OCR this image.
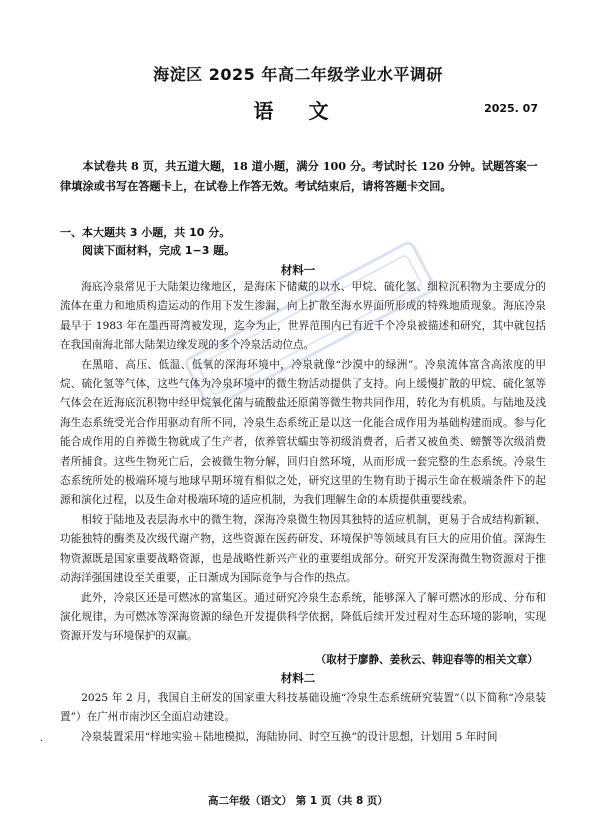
海淀区 2025 年高二年级学业水平调研
语 文	2025. 07
本试卷共 8 页，共五道大题，18 道小题，满分 100 分。考试时长 120 分钟。试题答案一律填涂或书写在答题卡上，在试卷上作答无效。考试结束后，请将答题卡交回。
一、本大题共 3 小题，共 10 分。
阅读下面材料，完成 1−3 题。
材料一

海底冷泉常见于大陆架边缘地区，是海床下储藏的以水、甲烷、硫化氢、细粒沉积物为主要成分的流体在重力和地质构造运动的作用下发生渗漏，向上扩散至海水界面所形成的特殊地质现象。海底冷泉最早于 1983 年在墨西哥湾被发现，迄今为止，世界范围内已有近千个冷泉被描述和研究，其中就包括在我国南海北部大陆架边缘发现的多个冷泉活动位点。

在黑暗、高压、低温、低氧的深海环境中，冷泉就像“沙漠中的绿洲”。冷泉流体富含高浓度的甲烷、硫化氢等气体，这些气体为冷泉环境中的微生物活动提供了支持。向上缓慢扩散的甲烷、硫化氢等气体会在近海底沉积物中经甲烷氧化菌与硫酸盐还原菌等微生物共同作用，转化为有机质。与陆地及浅海生态系统受光合作用驱动有所不同，冷泉生态系统正是以这一化能合成作用为基础构建而成。参与化能合成作用的自养微生物就成了生产者，依养管状蠕虫等初级消费者，后者又被鱼类、螃蟹等次级消费者所捕食。这些生物死亡后，会被微生物分解，回归自然环境，从而形成一套完整的生态系统。冷泉生态系统所处的极端环境与地球早期环境有相似之处，研究这里的生物有助于揭示生命在极端条件下的起源和演化过程，以及生命对极端环境的适应机制，为我们理解生命的本质提供重要线索。

相较于陆地及表层海水中的微生物，深海冷泉微生物因其独特的适应机制，更易于合成结构新颖、功能独特的酶类及次级代谢产物，这些资源在医药研发、环境保护等领域具有巨大的应用价值。深海生物资源既是国家重要战略资源，也是战略性新兴产业的重要组成部分。研究开发深海微生物资源对于推动海洋强国建设至关重要，正日渐成为国际竞争与合作的热点。

此外，冷泉区还是可燃冰的富集区。通过研究冷泉生态系统，能够深入了解可燃冰的形成、分布和演化规律，为可燃冰等深海资源的绿色开发提供科学依据，降低后续开发过程对生态环境的影响，实现资源开发与环境保护的双赢。

（取材于廖静、姜秋云、韩迎春等的相关文章）
材料二

2025 年 2 月，我国自主研发的国家重大科技基础设施“冷泉生态系统研究装置”（以下简称“冷泉装置”）在广州市南沙区全面启动建设。

冷泉装置采用“样地实验＋陆地模拟，海陆协同、时空互换”的设计思想，计划用 5 年时间

·
高二年级（语文） 第 1 页（共 8 页）
